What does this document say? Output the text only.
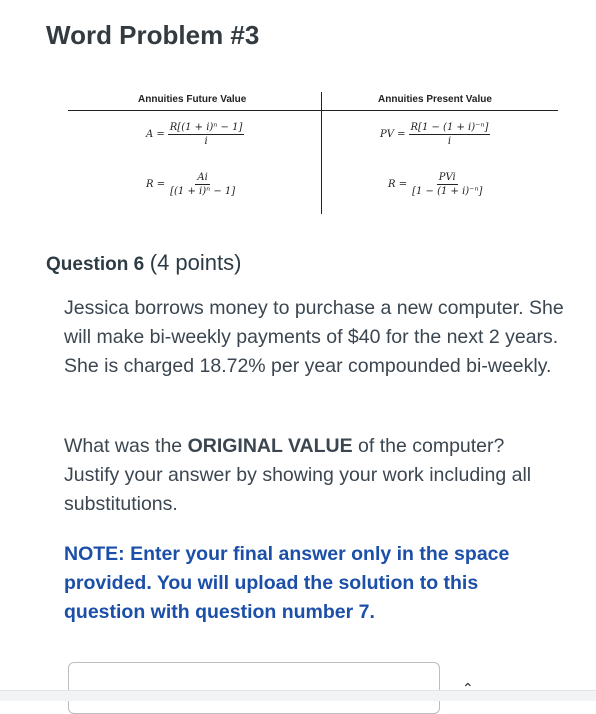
Word Problem #3
Annuities Future Value	Annuities Present Value
$A = \frac{\text{R[(1 + i)ⁿ − 1]}}{i}$
$R = \frac{Ai}{\text{[(1 + i)ⁿ − 1]}}$
PV = $\frac{\text{R[1 − (1 + i)⁻ⁿ]}}{i}$
$R = \frac{\text{PVi}}{\text{[1 − (1 + i)⁻ⁿ]}}$
Question 6 (4 points)
Jessica borrows money to purchase a new computer. She will make bi-weekly payments of $40 for the next 2 years. She is charged 18.72% per year compounded bi-weekly.
What was the ORIGINAL VALUE of the computer? Justify your answer by showing your work including all substitutions.
NOTE: Enter your final answer only in the space provided. You will upload the solution to this question with question number 7.
⌃
